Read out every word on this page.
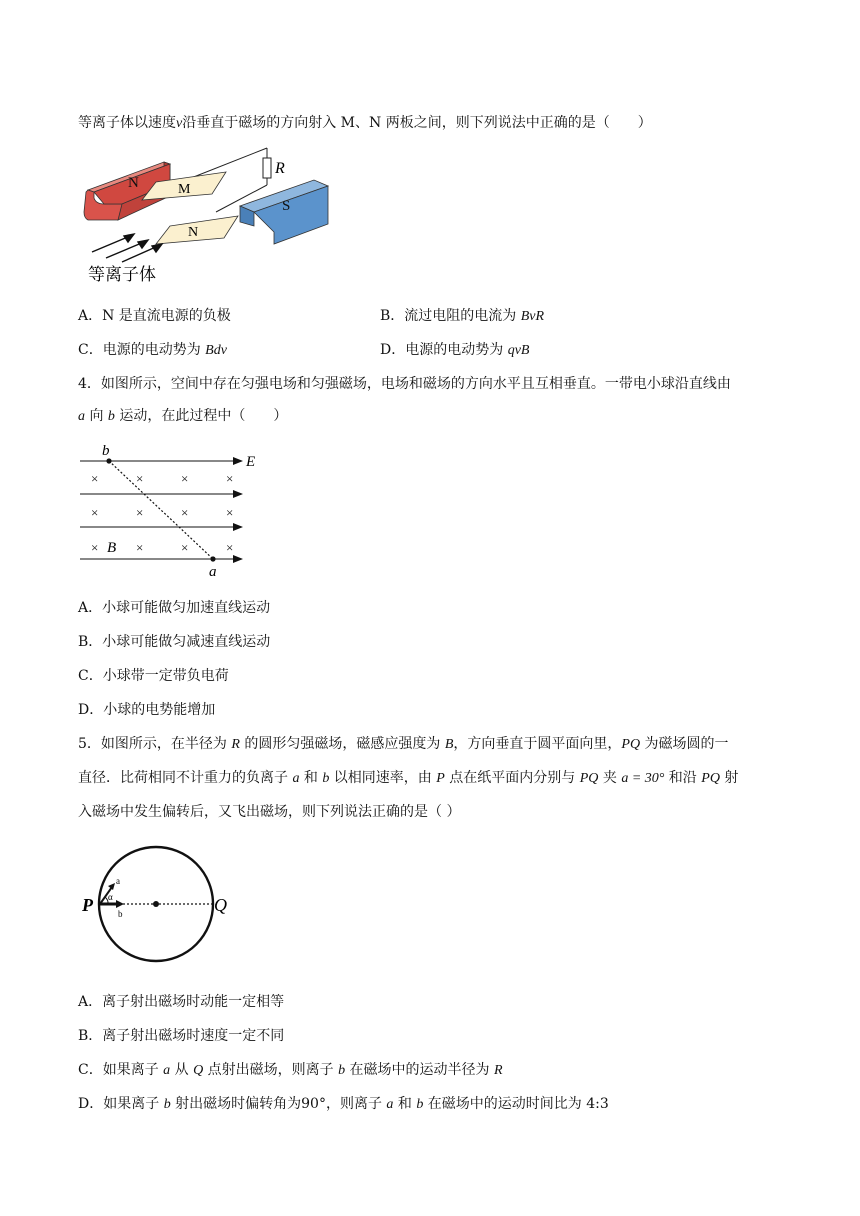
等离子体以速度v沿垂直于磁场的方向射入 M、N 两板之间，则下列说法中正确的是（　　）
R
N	M
N
S
等离子体
A．N 是直流电源的负极	B．流过电阻的电流为 BvR
C．电源的电动势为 Bdv	D．电源的电动势为 qvB
4．如图所示，空间中存在匀强电场和匀强磁场，电场和磁场的方向水平且互相垂直。一带电小球沿直线由
a 向 b 运动，在此过程中（　　）
b
a
E
×	×	×	×
×	×	×	×
×	×	×	×
B
A．小球可能做匀加速直线运动
B．小球可能做匀减速直线运动
C．小球带一定带负电荷
D．小球的电势能增加
5．如图所示，在半径为 R 的圆形匀强磁场，磁感应强度为 B，方向垂直于圆平面向里，PQ 为磁场圆的一
直径．比荷相同不计重力的负离子 a 和 b 以相同速率，由 P 点在纸平面内分别与 PQ 夹 a = 30° 和沿 PQ 射
入磁场中发生偏转后，又飞出磁场，则下列说法正确的是（ ）
a
α
b
P	Q
A．离子射出磁场时动能一定相等
B．离子射出磁场时速度一定不同
C．如果离子 a 从 Q 点射出磁场，则离子 b 在磁场中的运动半径为 R
D．如果离子 b 射出磁场时偏转角为90°，则离子 a 和 b 在磁场中的运动时间比为 4:3
